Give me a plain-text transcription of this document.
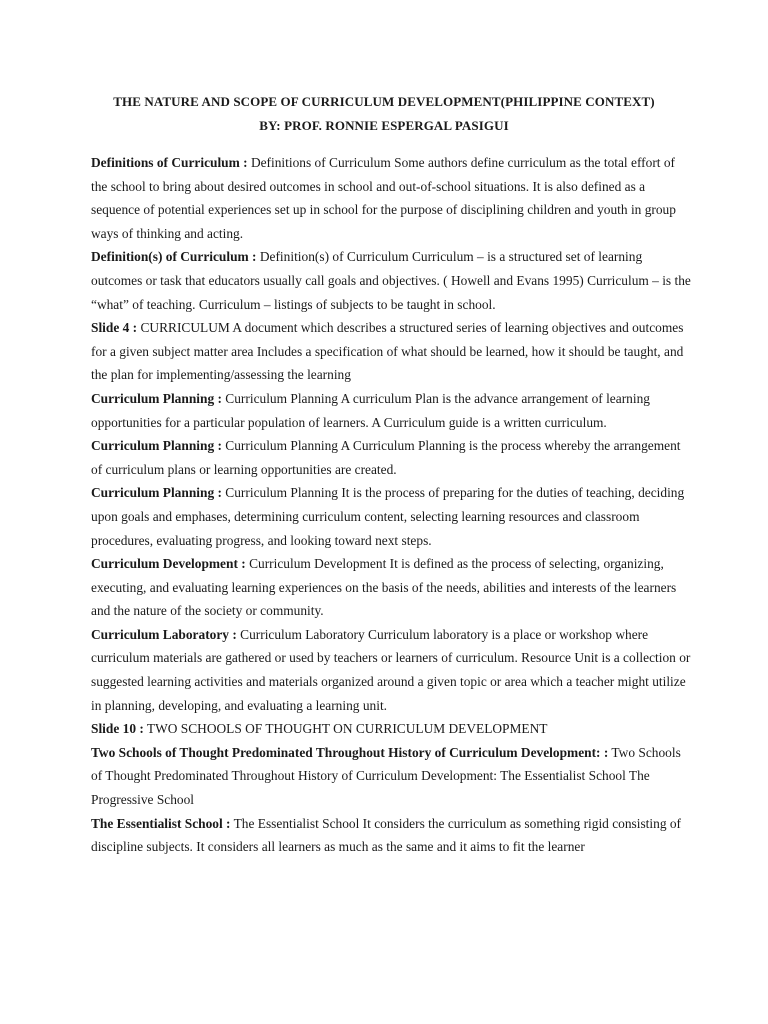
THE NATURE AND SCOPE OF CURRICULUM DEVELOPMENT(PHILIPPINE CONTEXT)
BY: PROF. RONNIE ESPERGAL PASIGUI

Definitions of Curriculum : Definitions of Curriculum Some authors define curriculum as the total effort of the school to bring about desired outcomes in school and out-of-school situations. It is also defined as a sequence of potential experiences set up in school for the purpose of disciplining children and youth in group ways of thinking and acting.

Definition(s) of Curriculum : Definition(s) of Curriculum Curriculum – is a structured set of learning outcomes or task that educators usually call goals and objectives. ( Howell and Evans 1995) Curriculum – is the “what” of teaching. Curriculum – listings of subjects to be taught in school.

Slide 4 : CURRICULUM A document which describes a structured series of learning objectives and outcomes for a given subject matter area Includes a specification of what should be learned, how it should be taught, and the plan for implementing/assessing the learning

Curriculum Planning : Curriculum Planning A curriculum Plan is the advance arrangement of learning opportunities for a particular population of learners. A Curriculum guide is a written curriculum.

Curriculum Planning : Curriculum Planning A Curriculum Planning is the process whereby the arrangement of curriculum plans or learning opportunities are created.

Curriculum Planning : Curriculum Planning It is the process of preparing for the duties of teaching, deciding upon goals and emphases, determining curriculum content, selecting learning resources and classroom procedures, evaluating progress, and looking toward next steps.

Curriculum Development : Curriculum Development It is defined as the process of selecting, organizing, executing, and evaluating learning experiences on the basis of the needs, abilities and interests of the learners and the nature of the society or community.

Curriculum Laboratory : Curriculum Laboratory Curriculum laboratory is a place or workshop where curriculum materials are gathered or used by teachers or learners of curriculum. Resource Unit is a collection or suggested learning activities and materials organized around a given topic or area which a teacher might utilize in planning, developing, and evaluating a learning unit.

Slide 10 : TWO SCHOOLS OF THOUGHT ON CURRICULUM DEVELOPMENT

Two Schools of Thought Predominated Throughout History of Curriculum Development: : Two Schools of Thought Predominated Throughout History of Curriculum Development: The Essentialist School The Progressive School

The Essentialist School : The Essentialist School It considers the curriculum as something rigid consisting of discipline subjects. It considers all learners as much as the same and it aims to fit the learner
